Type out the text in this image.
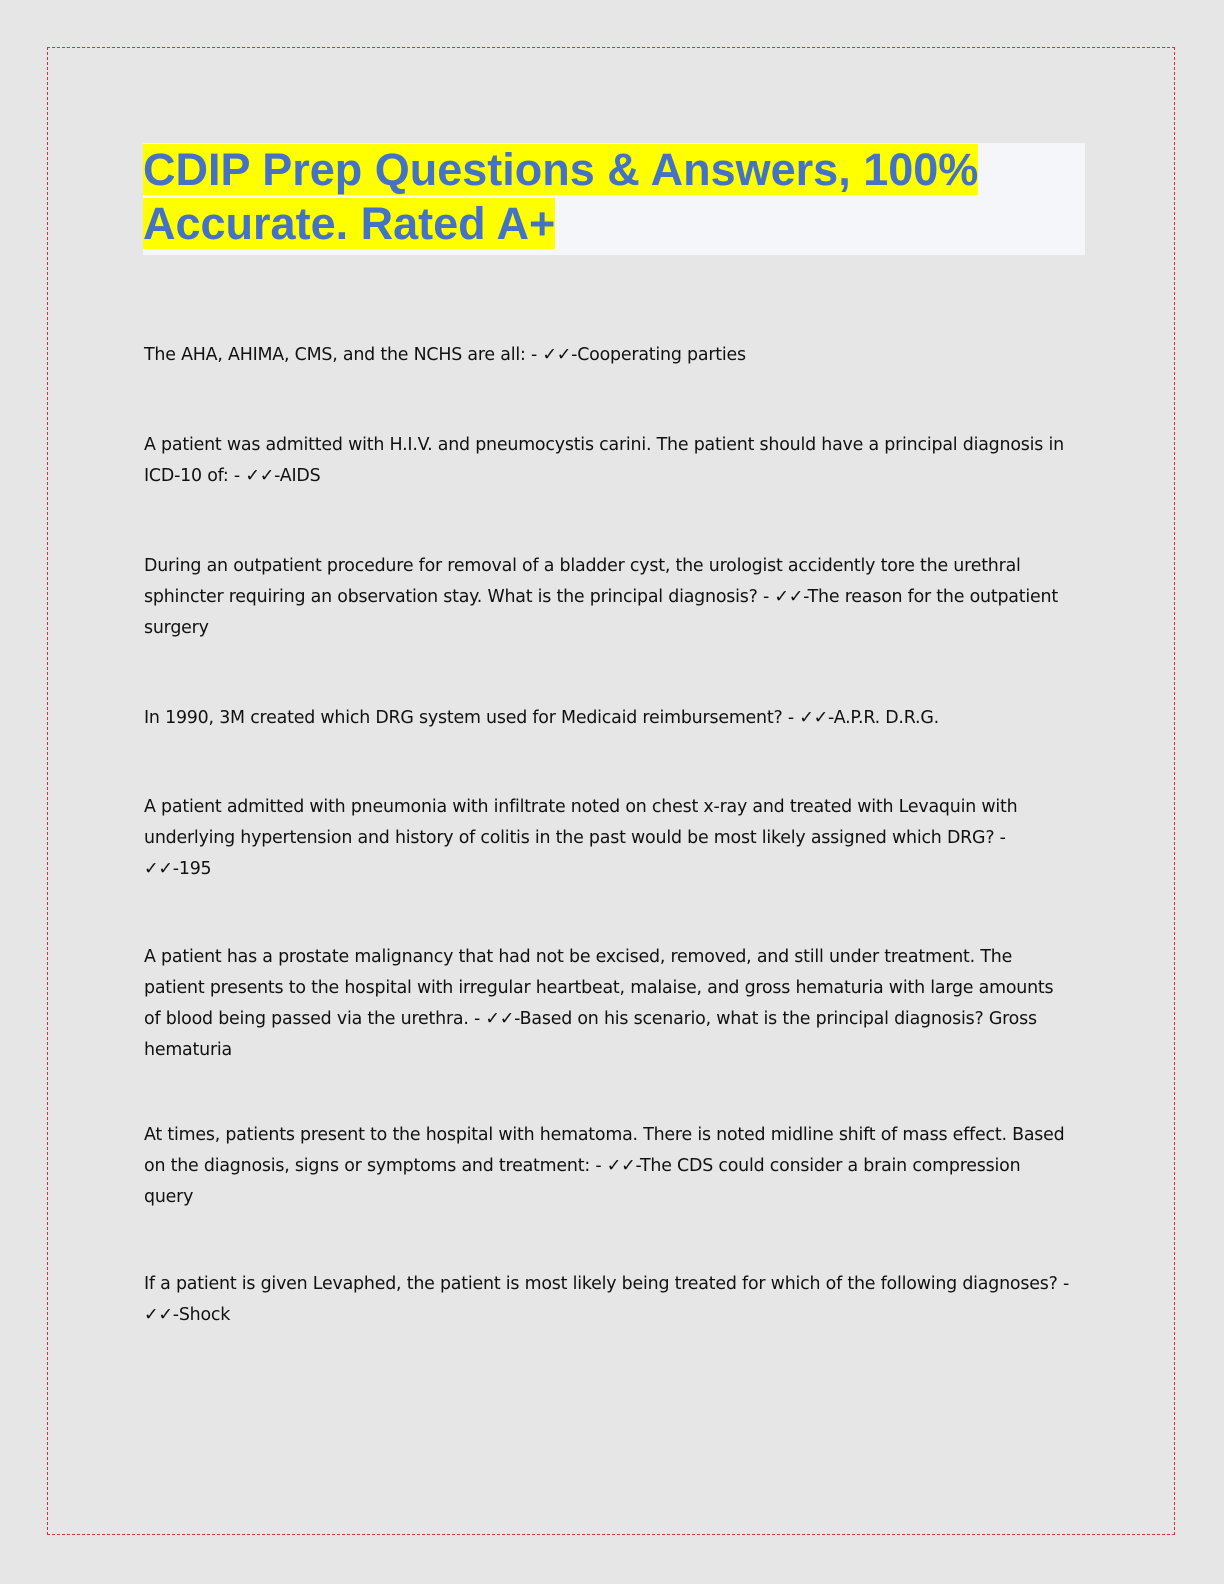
CDIP Prep Questions & Answers, 100% Accurate. Rated A+

The AHA, AHIMA, CMS, and the NCHS are all: - ✓✓-Cooperating parties

A patient was admitted with H.I.V. and pneumocystis carini. The patient should have a principal diagnosis in ICD-10 of: - ✓✓-AIDS

During an outpatient procedure for removal of a bladder cyst, the urologist accidently tore the urethral sphincter requiring an observation stay. What is the principal diagnosis? - ✓✓-The reason for the outpatient surgery

In 1990, 3M created which DRG system used for Medicaid reimbursement? - ✓✓-A.P.R. D.R.G.

A patient admitted with pneumonia with infiltrate noted on chest x-ray and treated with Levaquin with underlying hypertension and history of colitis in the past would be most likely assigned which DRG? - ✓✓-195

A patient has a prostate malignancy that had not be excised, removed, and still under treatment. The patient presents to the hospital with irregular heartbeat, malaise, and gross hematuria with large amounts of blood being passed via the urethra. - ✓✓-Based on his scenario, what is the principal diagnosis? Gross hematuria

At times, patients present to the hospital with hematoma. There is noted midline shift of mass effect. Based on the diagnosis, signs or symptoms and treatment: - ✓✓-The CDS could consider a brain compression query

If a patient is given Levaphed, the patient is most likely being treated for which of the following diagnoses? - ✓✓-Shock
